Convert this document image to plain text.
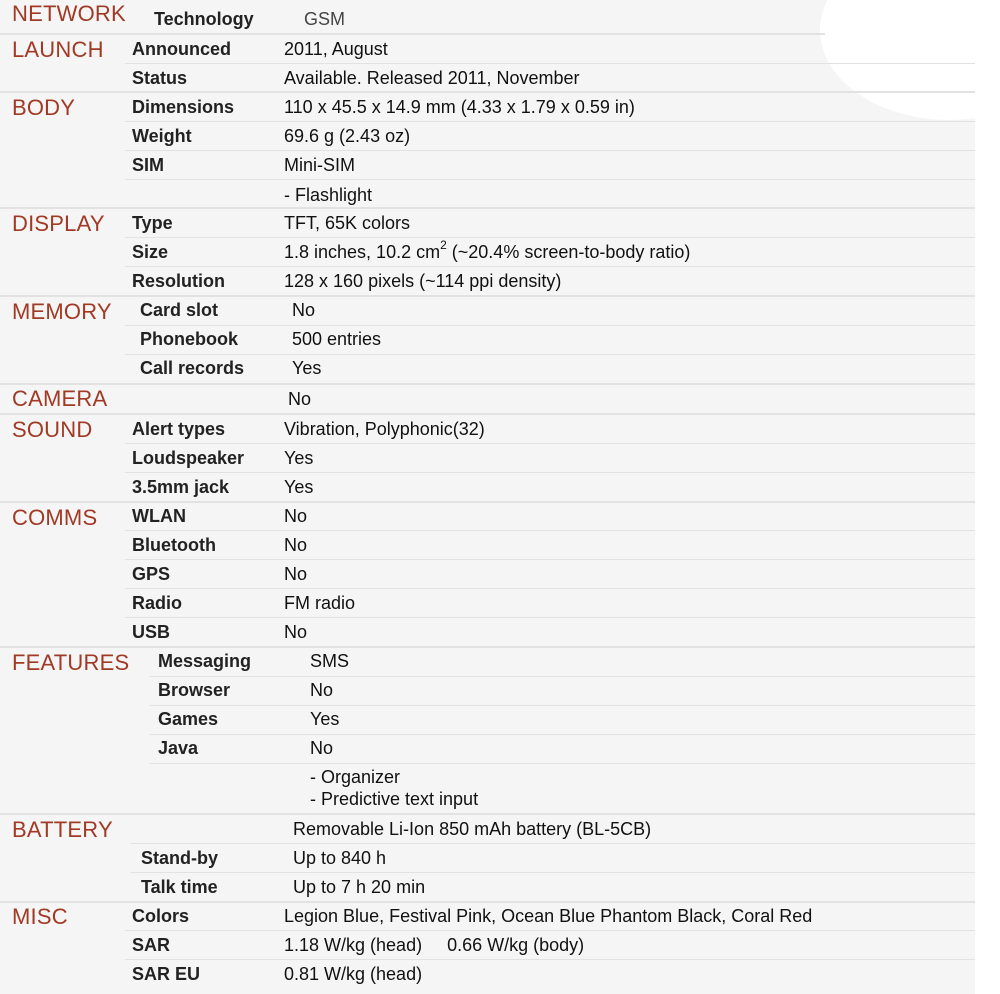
NETWORK Technology	GSM
LAUNCH Announced	2011, August
Status	Available. Released 2011, November
BODY	Dimensions	110 x 45.5 x 14.9 mm (4.33 x 1.79 x 0.59 in)
Weight	69.6 g (2.43 oz)
SIM	Mini-SIM
- Flashlight
DISPLAY Type	TFT, 65K colors
Size	1.8 inches, 10.2 $cm^2$ (~20.4% screen-to-body ratio)
Resolution	128 x 160 pixels (~114 ppi density)
MEMORY Card slot	No
Phonebook	500 entries
Call records	Yes
CAMERA	No
SOUND Alert types	Vibration, Polyphonic(32)
Loudspeaker Yes
3.5mm jack	Yes
COMMS WLAN	No
Bluetooth	No
GPS	No
Radio	FM radio
USB	No
FEATURES Messaging	SMS
Browser	No
Games	Yes
Java	No
- Organizer
- Predictive text input
BATTERY	Removable Li-Ion 850 mAh battery (BL-5CB)
Stand-by	Up to 840 h
Talk time	Up to 7 h 20 min
MISC	Colors	Legion Blue, Festival Pink, Ocean Blue Phantom Black, Coral Red
SAR	1.18 W/kg (head)     0.66 W/kg (body)
SAR EU	0.81 W/kg (head)
